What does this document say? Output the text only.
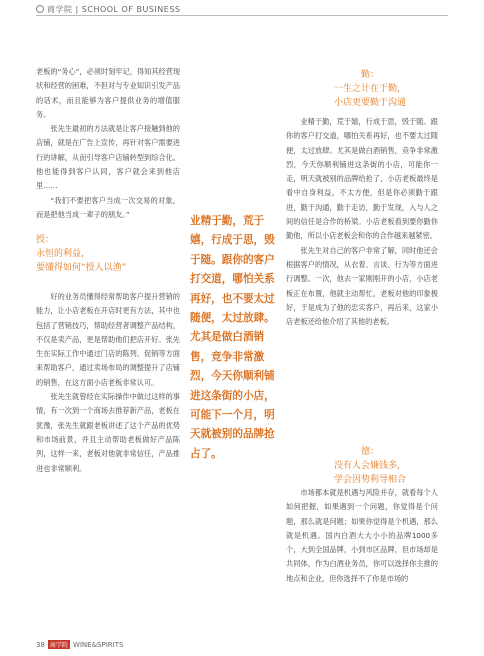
商学院 | SCHOOL OF BUSINESS

老板的“务心”，必须时刻牢记，得知其经营现状和经营的困难，不但对与专业知识引发产品的话术，而且能够为客户提供业务的增值服务。

张先生最初的方法就是让客户接触到他的店铺，就是在广告上宣传，再针对客户需要进行的讲解，从而引导客户店铺转型到综合化。他也能得到客户认同，客户就会来到他店里……

“我们不要把客户当成一次交易的对象，而是把他当成一辈子的朋友。”

授：
永恒的利益，
要懂得如何“授人以渔”

好的业务员懂得经常帮助客户提升营销的能力，让小店老板在开店时更有方法，其中也包括了营销技巧，帮助经营者调整产品结构，不仅是卖产品，更是帮助他们把店开好。张先生在实际工作中通过门店的陈列、促销等方面来帮助客户，通过卖场布局的调整提升了店铺的销售，在这方面小店老板非常认可。

张先生就曾经在实际操作中做过这样的事情，有一次到一个商场去推荐新产品，老板在犹豫，张先生就跟老板讲述了这个产品的优势和市场前景，并且主动帮助老板做好产品陈列，这样一来，老板对他就非常信任，产品推进也非常顺利。

业精于勤，荒于嬉，行成于思，毁于随。跟你的客户打交道，哪怕关系再好，也不要太过随便，太过放肆。尤其是做白酒销售，竞争非常激烈，今天你顺利铺进这条街的小店，可能下一个月，明天就被别的品牌抢占了。
勤：
一生之计在于勤，
小店更要勤于沟通

业精于勤，荒于嬉，行成于思，毁于随。跟你的客户打交道，哪怕关系再好，也不要太过随便，太过放肆。尤其是做白酒销售，竞争非常激烈，今天你顺利铺进这条街的小店，可能你一走，明天就被别的品牌给抢了，小店老板最终是看中自身利益，不太方便，但是你必须勤于跟进，勤于沟通，勤于走访，勤于发现，入与人之间的信任是合作的桥梁。小店老板看到要你勤你勤他，所以小店老板会和你的合作越来越紧密。

张先生对自己的客户非常了解，同时他还会根据客户的情况，从衣着、言谈、行为等方面进行调整。一次，他去一家刚刚开的小店，小店老板正在布置，他就主动帮忙，老板对他的印象极好，于是成为了他的忠实客户，再后来，这家小店老板还给他介绍了其他的老板。

德：
没有人会嫌钱多，
学会因势利导相合

市场都本就是机遇与风险并存，就看每个人如何把握，如果遇到一个问题，你觉得是个问题，那么就是问题；如果你觉得是个机遇，那么就是机遇。国内白酒大大小小的品牌1000多个，大到全国品牌，小到市区品牌，但市场却是共同体，作为白酒业务员，你可以选择你主推的地点和企业，但你选择不了你是市场的

38 商学院 WINE&SPIRITS
